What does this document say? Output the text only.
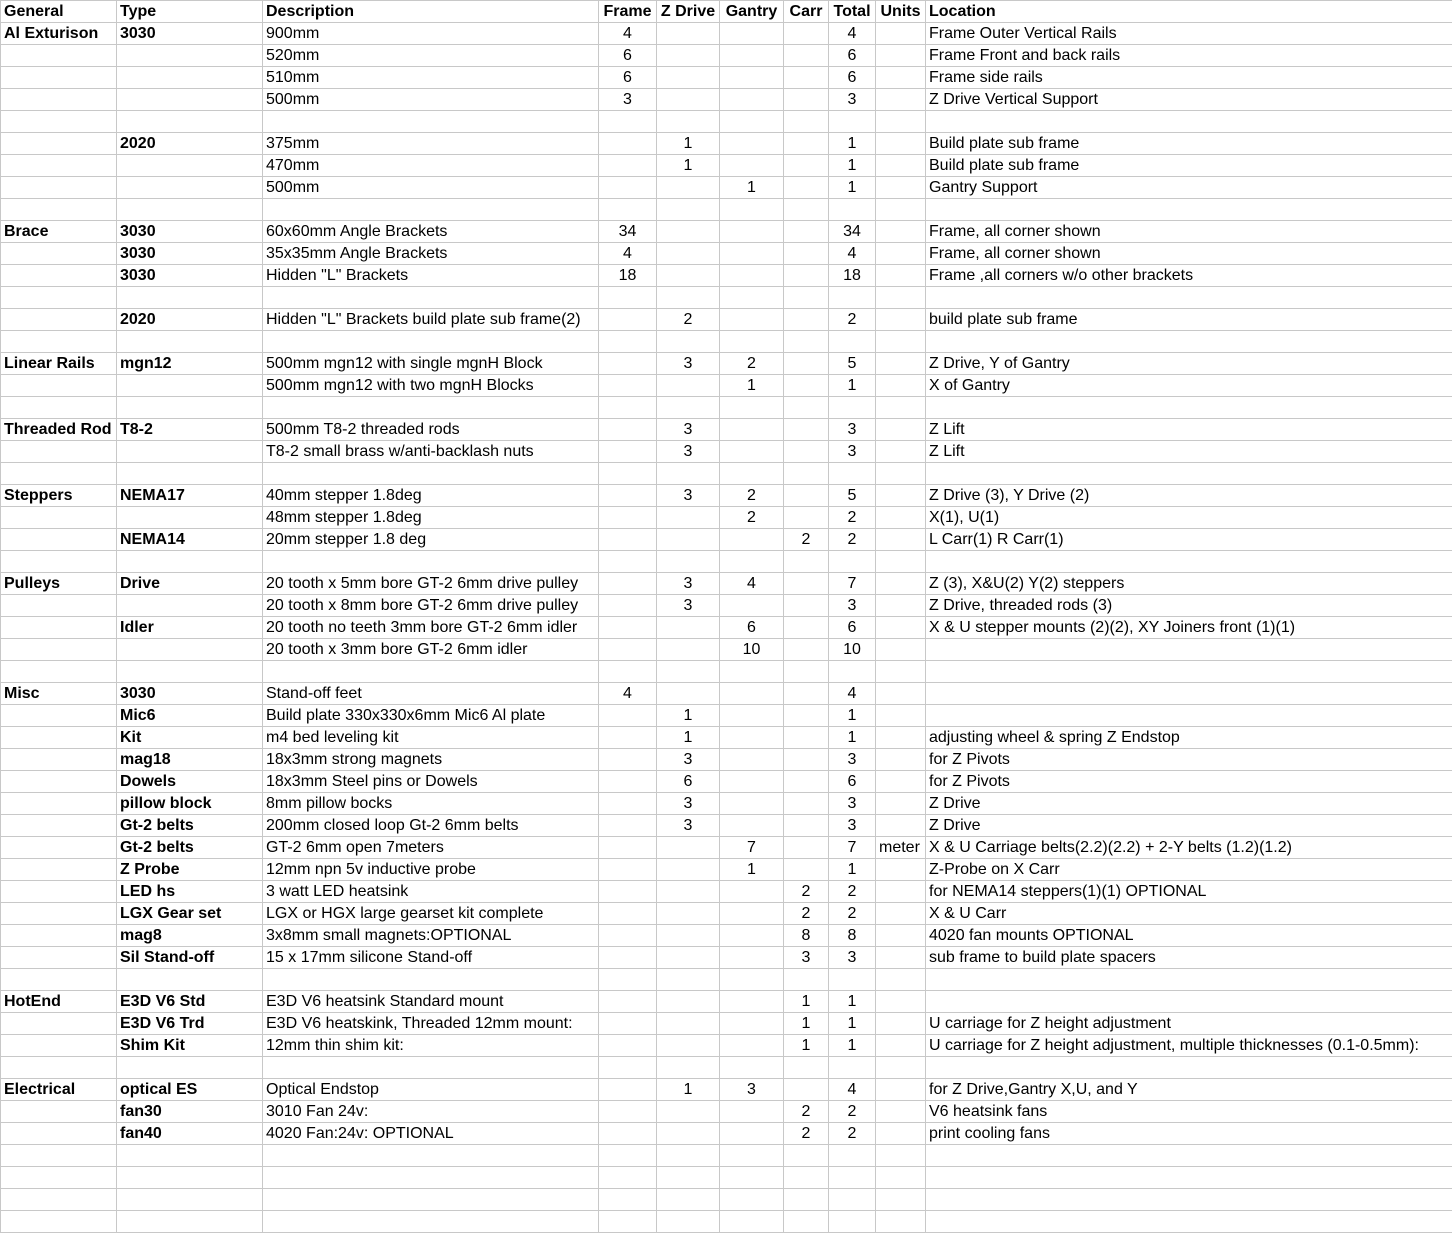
General	Type	Description	Frame	Z Drive	Gantry	Carr	Total	Units	Location
Al Exturison	3030	900mm	4				4		Frame Outer Vertical Rails
		520mm	6				6		Frame Front and back rails
		510mm	6				6		Frame side rails
		500mm	3				3		Z Drive Vertical Support

	2020	375mm		1			1		Build plate sub frame
		470mm		1			1		Build plate sub frame
		500mm			1		1		Gantry Support

Brace	3030	60x60mm Angle Brackets	34				34		Frame, all corner shown
	3030	35x35mm Angle Brackets	4				4		Frame, all corner shown
	3030	Hidden "L" Brackets	18				18		Frame ,all corners w/o other brackets

	2020	Hidden "L" Brackets build plate sub frame(2)		2			2		build plate sub frame

Linear Rails	mgn12	500mm mgn12 with single mgnH Block		3	2		5		Z Drive, Y of Gantry
		500mm mgn12 with two mgnH Blocks			1		1		X of Gantry

Threaded Rod	T8-2	500mm T8-2 threaded rods		3			3		Z Lift
		T8-2 small brass w/anti-backlash nuts		3			3		Z Lift

Steppers	NEMA17	40mm stepper 1.8deg		3	2		5		Z Drive (3), Y Drive (2)
		48mm stepper 1.8deg			2		2		X(1), U(1)
	NEMA14	20mm stepper 1.8 deg				2	2		L Carr(1) R Carr(1)

Pulleys	Drive	20 tooth x 5mm bore GT-2 6mm drive pulley		3	4		7		Z (3), X&U(2) Y(2) steppers
		20 tooth x 8mm bore GT-2 6mm drive pulley		3			3		Z Drive, threaded rods (3)
	Idler	20 tooth no teeth 3mm bore GT-2 6mm idler			6		6		X & U stepper mounts (2)(2), XY Joiners front (1)(1)
		20 tooth x 3mm bore GT-2 6mm idler			10		10		

Misc	3030	Stand-off feet	4				4		
	Mic6	Build plate 330x330x6mm Mic6 Al plate		1			1		
	Kit	m4 bed leveling kit		1			1		adjusting wheel & spring Z Endstop
	mag18	18x3mm strong magnets		3			3		for Z Pivots
	Dowels	18x3mm Steel pins or Dowels		6			6		for Z Pivots
	pillow block	8mm pillow bocks		3			3		Z Drive
	Gt-2 belts	200mm closed loop Gt-2 6mm belts		3			3		Z Drive
	Gt-2 belts	GT-2 6mm open 7meters			7		7	meter	X & U Carriage belts(2.2)(2.2) + 2-Y belts (1.2)(1.2)
	Z Probe	12mm npn 5v inductive probe			1		1		Z-Probe on X Carr
	LED hs	3 watt LED heatsink				2	2		for NEMA14 steppers(1)(1) OPTIONAL
	LGX Gear set	LGX or HGX large gearset kit complete				2	2		X & U Carr
	mag8	3x8mm small magnets:OPTIONAL				8	8		4020 fan mounts OPTIONAL
	Sil Stand-off	15 x 17mm silicone Stand-off				3	3		sub frame to build plate spacers

HotEnd	E3D V6 Std	E3D V6 heatsink Standard mount				1	1		
	E3D V6 Trd	E3D V6 heatskink, Threaded 12mm mount:				1	1		U carriage for Z height adjustment
	Shim Kit	12mm thin shim kit:				1	1		U carriage for Z height adjustment, multiple thicknesses (0.1-0.5mm):

Electrical	optical ES	Optical Endstop		1	3		4		for Z Drive,Gantry X,U, and Y
	fan30	3010 Fan 24v:				2	2		V6 heatsink fans
	fan40	4020 Fan:24v: OPTIONAL				2	2		print cooling fans
